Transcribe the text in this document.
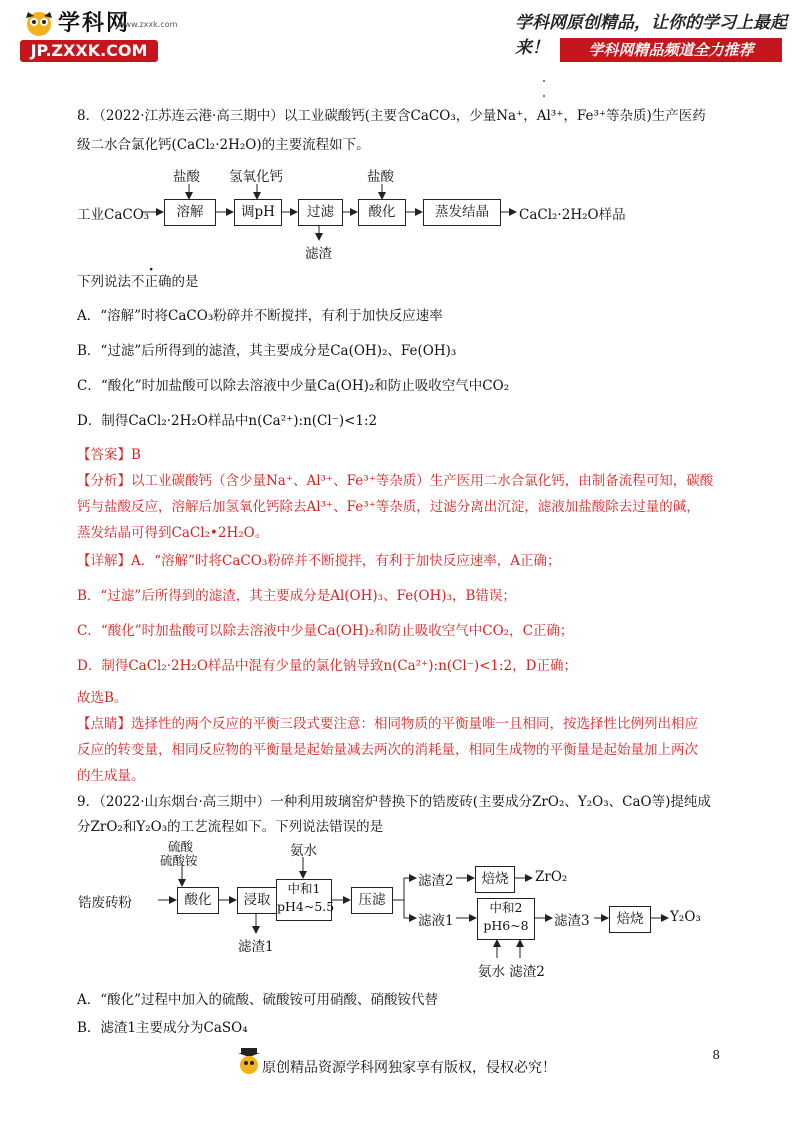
学科网
www.zxxk.com
JP.ZXXK.COM
学科网原创精品，让你的学习上最起来！	学科网精品频道全力推荐
8．（2022·江苏连云港·高三期中）以工业碳酸钙(主要含CaCO₃，少量Na⁺，Al³⁺，Fe³⁺等杂质)生产医药
级二水合氯化钙(CaCl₂·2H₂O)的主要流程如下。
工业CaCO₃	溶解	调pH	过滤	酸化	蒸发结晶	CaCl₂·2H₂O样品
盐酸 氢氧化钙	盐酸
滤渣
下列说法不正确的是
A．“溶解”时将CaCO₃粉碎并不断搅拌，有利于加快反应速率
B．“过滤”后所得到的滤渣，其主要成分是Ca(OH)₂、Fe(OH)₃
C．“酸化”时加盐酸可以除去溶液中少量Ca(OH)₂和防止吸收空气中CO₂
D．制得CaCl₂·2H₂O样品中n(Ca²⁺):n(Cl⁻)<1:2
【答案】B
【分析】以工业碳酸钙（含少量Na⁺、Al³⁺、Fe³⁺等杂质）生产医用二水合氯化钙，由制备流程可知，碳酸
钙与盐酸反应，溶解后加氢氧化钙除去Al³⁺、Fe³⁺等杂质，过滤分离出沉淀，滤液加盐酸除去过量的碱，
蒸发结晶可得到CaCl₂•2H₂O。
【详解】A．“溶解”时将CaCO₃粉碎并不断搅拌，有利于加快反应速率，A正确；
B．“过滤”后所得到的滤渣，其主要成分是Al(OH)₃、Fe(OH)₃，B错误；
C．“酸化”时加盐酸可以除去溶液中少量Ca(OH)₂和防止吸收空气中CO₂，C正确；
D．制得CaCl₂·2H₂O样品中混有少量的氯化钠导致n(Ca²⁺):n(Cl⁻)<1:2，D正确；
故选B。
【点睛】选择性的两个反应的平衡三段式要注意：相同物质的平衡量唯一且相同，按选择性比例列出相应
反应的转变量，相同反应物的平衡量是起始量减去两次的消耗量，相同生成物的平衡量是起始量加上两次
的生成量。
9．（2022·山东烟台·高三期中）一种利用玻璃窑炉替换下的锆废砖(主要成分ZrO₂、Y₂O₃、CaO等)提纯成
分ZrO₂和Y₂O₃的工艺流程如下。下列说法错误的是
锆废砖粉	酸化	浸取
中和1
pH4~5.5	压滤
焙烧
中和2
pH6~8	焙烧
硫酸
硫酸铵
氨水
滤渣1
滤渣2
滤液1	滤渣3
ZrO₂
Y₂O₃
氨水 滤渣2
A．“酸化”过程中加入的硫酸、硫酸铵可用硝酸、硝酸铵代替
B．滤渣1主要成分为CaSO₄
8
原创精品资源学科网独家享有版权，侵权必究！
